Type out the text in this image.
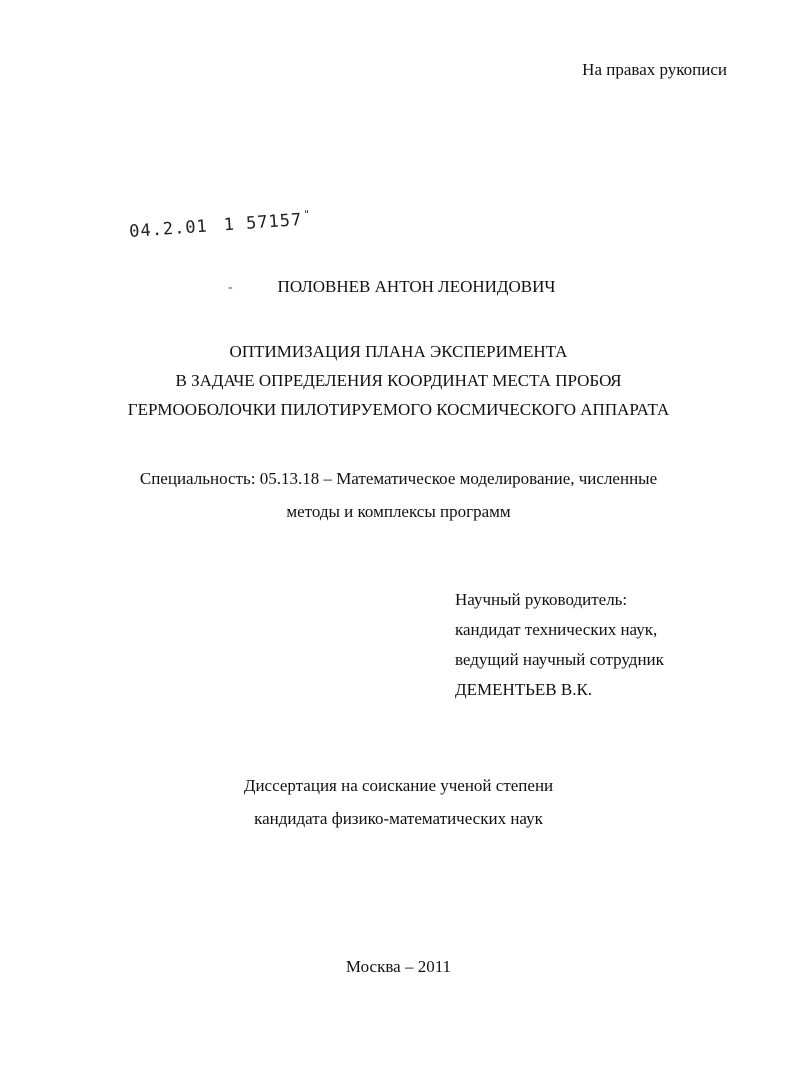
На правах рукописи
04.2.01 1 57157"
-	ПОЛОВНЕВ АНТОН ЛЕОНИДОВИЧ
ОПТИМИЗАЦИЯ ПЛАНА ЭКСПЕРИМЕНТА
В ЗАДАЧЕ ОПРЕДЕЛЕНИЯ КООРДИНАТ МЕСТА ПРОБОЯ
ГЕРМООБОЛОЧКИ ПИЛОТИРУЕМОГО КОСМИЧЕСКОГО АППАРАТА
Специальность: 05.13.18 – Математическое моделирование, численные
методы и комплексы программ
Научный руководитель:
кандидат технических наук,
ведущий научный сотрудник
ДЕМЕНТЬЕВ В.К.
Диссертация на соискание ученой степени
кандидата физико-математических наук
Москва – 2011
